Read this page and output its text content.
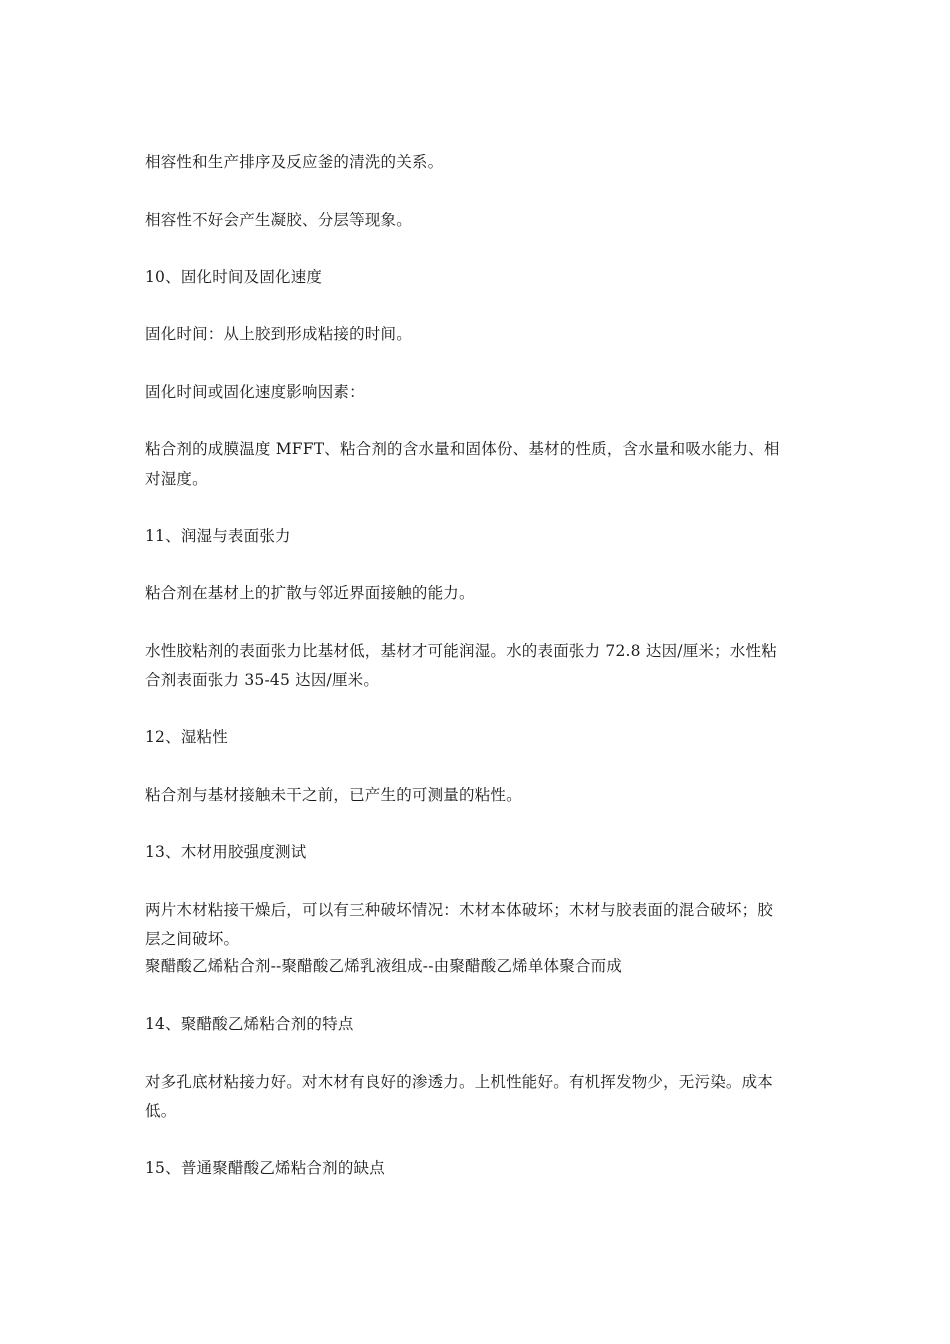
相容性和生产排序及反应釜的清洗的关系。
相容性不好会产生凝胶、分层等现象。
10、固化时间及固化速度
固化时间：从上胶到形成粘接的时间。
固化时间或固化速度影响因素：
粘合剂的成膜温度 MFFT、粘合剂的含水量和固体份、基材的性质，含水量和吸水能力、相
对湿度。
11、润湿与表面张力
粘合剂在基材上的扩散与邻近界面接触的能力。
水性胶粘剂的表面张力比基材低，基材才可能润湿。水的表面张力 72.8 达因/厘米；水性粘
合剂表面张力 35-45 达因/厘米。
12、湿粘性
粘合剂与基材接触未干之前，已产生的可测量的粘性。
13、木材用胶强度测试
两片木材粘接干燥后，可以有三种破坏情况：木材本体破坏；木材与胶表面的混合破坏；胶
层之间破坏。
聚醋酸乙烯粘合剂--聚醋酸乙烯乳液组成--由聚醋酸乙烯单体聚合而成
14、聚醋酸乙烯粘合剂的特点
对多孔底材粘接力好。对木材有良好的渗透力。上机性能好。有机挥发物少，无污染。成本
低。
15、普通聚醋酸乙烯粘合剂的缺点
